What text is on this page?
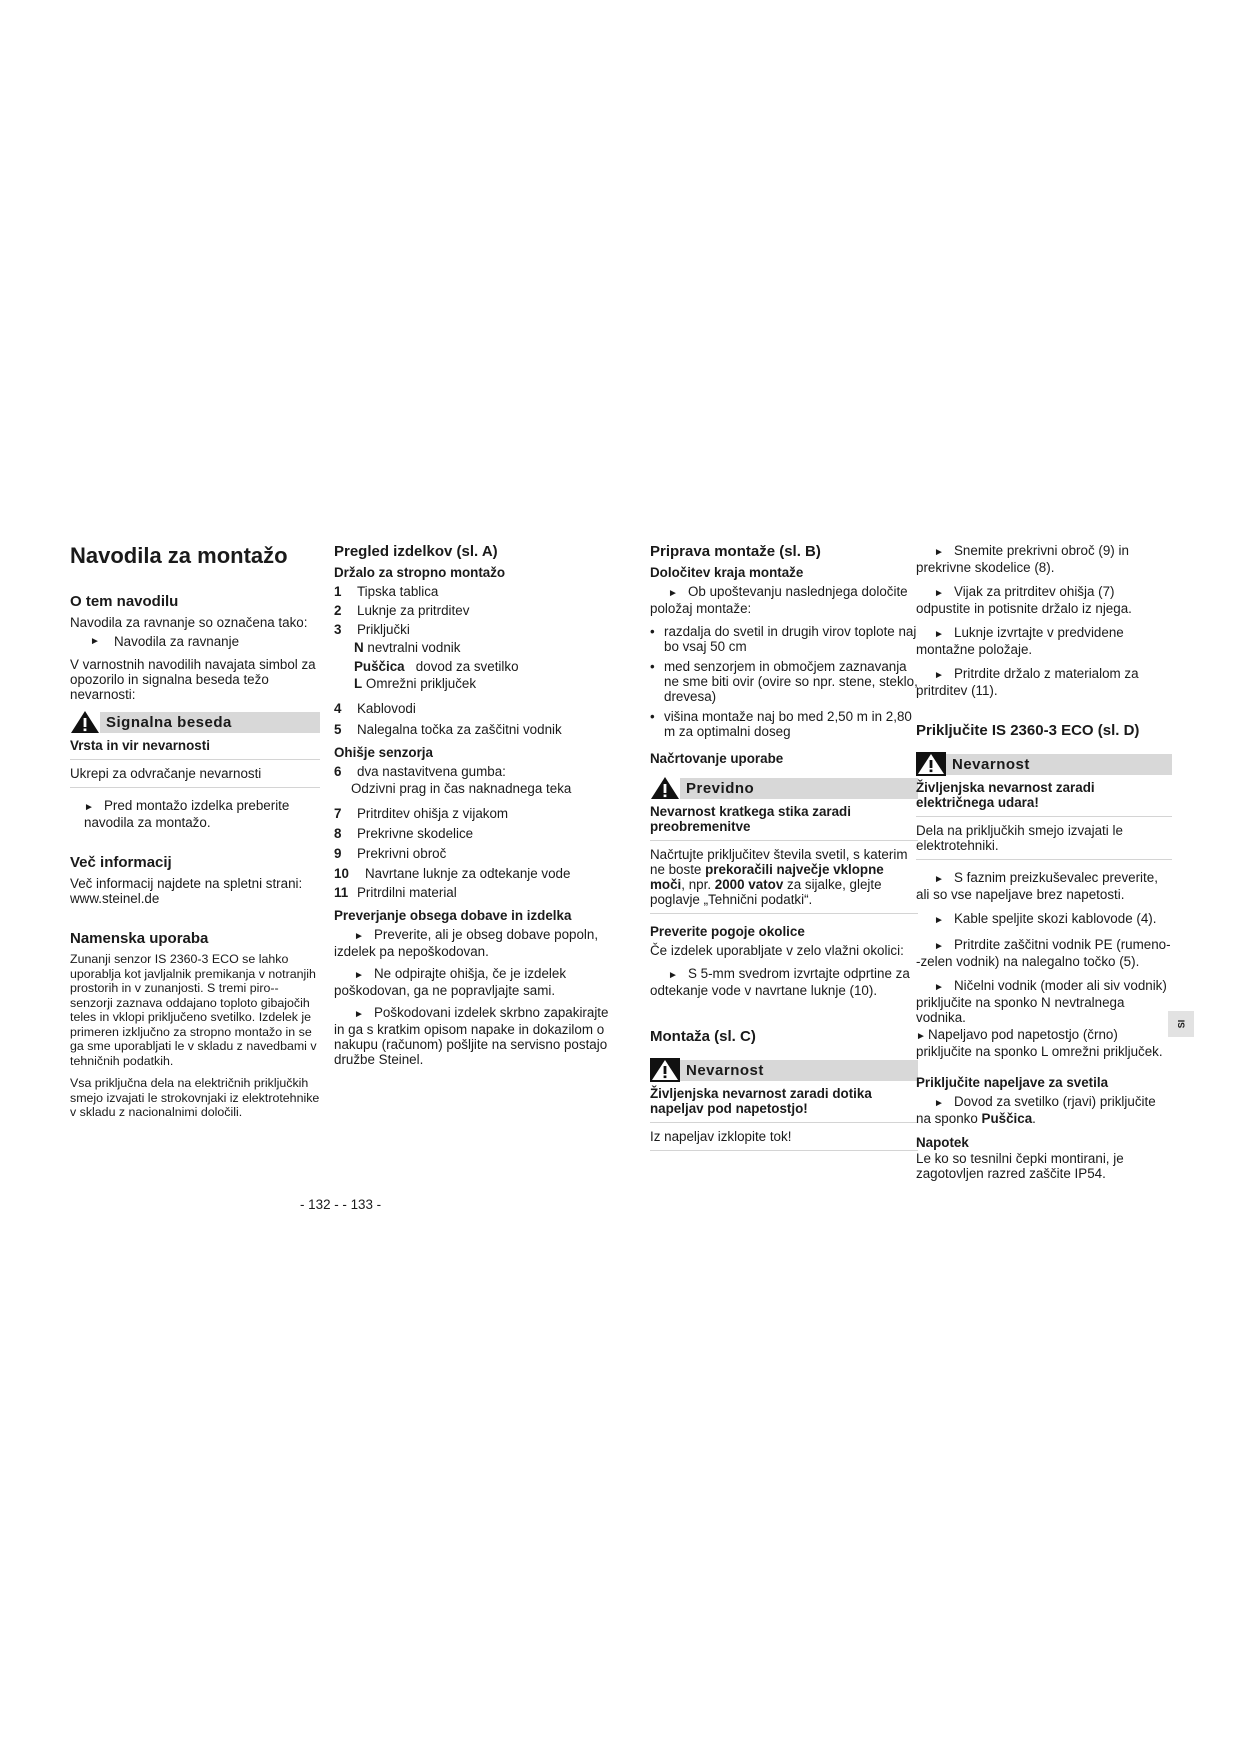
Navodila za montažo
O tem navodilu

Navodila za ravnanje so označena tako:

► Navodila za ravnanje

V varnostnih navodilih navajata simbol za opozorilo in signalna beseda težo nevarnosti:

Signalna beseda
Vrsta in vir nevarnosti
Ukrepi za odvračanje nevarnosti
► Pred montažo izdelka preberite navodila za montažo.
Več informacij

Več informacij najdete na spletni strani:

www.steinel.de

Namenska uporaba

Zunanji senzor IS 2360-3 ECO se lahko uporablja kot javljalnik premikanja v notranjih prostorih in v zunanjosti. S tremi piro--senzorji zaznava oddajano toploto gibajočih teles in vklopi priključeno svetilko. Izdelek je primeren izključno za stropno montažo in se ga sme uporabljati le v skladu z navedbami v tehničnih podatkih.

Vsa priključna dela na električnih priključkih smejo izvajati le strokovnjaki iz elektrotehnike v skladu z nacionalnimi določili.

Pregled izdelkov (sl. A)
Držalo za stropno montažo
1	Tipska tablica
2	Luknje za pritrditev
3	Priključki
N nevtralni vodnik
Puščica dovod za svetilko
L Omrežni priključek
4	Kablovodi
5	Nalegalna točka za zaščitni vodnik
Ohišje senzorja
6	dva nastavitvena gumba:
Odzivni prag in čas naknadnega teka
7	Pritrditev ohišja z vijakom
8	Prekrivne skodelice
9	Prekrivni obroč
10	Navrtane luknje za odtekanje vode
11 Pritrdilni material
Preverjanje obsega dobave in izdelka
► Preverite, ali je obseg dobave popoln, izdelek pa nepoškodovan.
► Ne odpirajte ohišja, če je izdelek poškodovan, ga ne popravljajte sami.
► Poškodovani izdelek skrbno zapakirajte in ga s kratkim opisom napake in dokazilom o nakupu (računom) pošljite na servisno postajo družbe Steinel.
Priprava montaže (sl. B)
Določitev kraja montaže
► Ob upoštevanju naslednjega določite položaj montaže:
• razdalja do svetil in drugih virov toplote naj bo vsaj 50 cm
• med senzorjem in območjem zaznavanja ne sme biti ovir (ovire so npr. stene, steklo, drevesa)
• višina montaže naj bo med 2,50 m in 2,80 m za optimalni doseg
Načrtovanje uporabe
Previdno
Nevarnost kratkega stika zaradi preobremenitve
Načrtujte priključitev števila svetil, s katerim ne boste prekoračili največje vklopne moči, npr. 2000 vatov za sijalke, glejte poglavje „Tehnični podatki“.
Preverite pogoje okolice

Če izdelek uporabljate v zelo vlažni okolici:

► S 5-mm svedrom izvrtajte odprtine za odtekanje vode v navrtane luknje (10).
Montaža (sl. C)
Nevarnost
Življenjska nevarnost zaradi dotika napeljav pod napetostjo!
Iz napeljav izklopite tok!
► Snemite prekrivni obroč (9) in prekrivne skodelice (8).
► Vijak za pritrditev ohišja (7) odpustite in potisnite držalo iz njega.
► Luknje izvrtajte v predvidene montažne položaje.
► Pritrdite držalo z materialom za pritrditev (11).
Priključite IS 2360-3 ECO (sl. D)
Nevarnost
Življenjska nevarnost zaradi električnega udara!
Dela na priključkih smejo izvajati le elektrotehniki.
► S faznim preizkuševalec preverite, ali so vse napeljave brez napetosti.
► Kable speljite skozi kablovode (4).
► Pritrdite zaščitni vodnik PE (rumeno--zelen vodnik) na nalegalno točko (5).
► Ničelni vodnik (moder ali siv vodnik) priključite na sponko N nevtralnega vodnika.
► Napeljavo pod napetostjo (črno) priključite na sponko L omrežni priključek.
Priključite napeljave za svetila
► Dovod za svetilko (rjavi) priključite na sponko Puščica.
Napotek

Le ko so tesnilni čepki montirani, je zagotovljen razred zaščite IP54.

SI
- 132 - - 133 -
